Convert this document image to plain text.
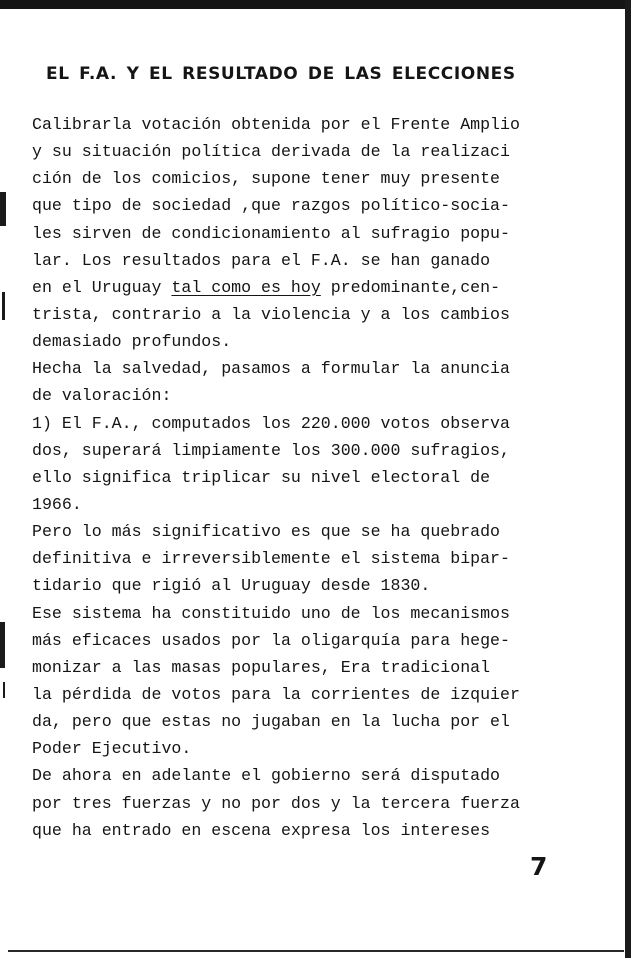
EL F.A. Y EL RESULTADO DE LAS ELECCIONES
Calibrarla votación obtenida por el Frente Amplio
y su situación política derivada de la realizaci
ción de los comicios, supone tener muy presente
que tipo de sociedad ,que razgos político-socia-
les sirven de condicionamiento al sufragio popu-
lar. Los resultados para el F.A. se han ganado
en el Uruguay tal como es hoy predominante,cen-
trista, contrario a la violencia y a los cambios
demasiado profundos.
Hecha la salvedad, pasamos a formular la anuncia
de valoración:
1) El F.A., computados los 220.000 votos observa
dos, superará limpiamente los 300.000 sufragios,
ello significa triplicar su nivel electoral de
1966.
Pero lo más significativo es que se ha quebrado
definitiva e irreversiblemente el sistema bipar-
tidario que rigió al Uruguay desde 1830.
Ese sistema ha constituido uno de los mecanismos
más eficaces usados por la oligarquía para hege-
monizar a las masas populares, Era tradicional
la pérdida de votos para la corrientes de izquier
da, pero que estas no jugaban en la lucha por el
Poder Ejecutivo.
De ahora en adelante el gobierno será disputado
por tres fuerzas y no por dos y la tercera fuerza
que ha entrado en escena expresa los intereses
7
